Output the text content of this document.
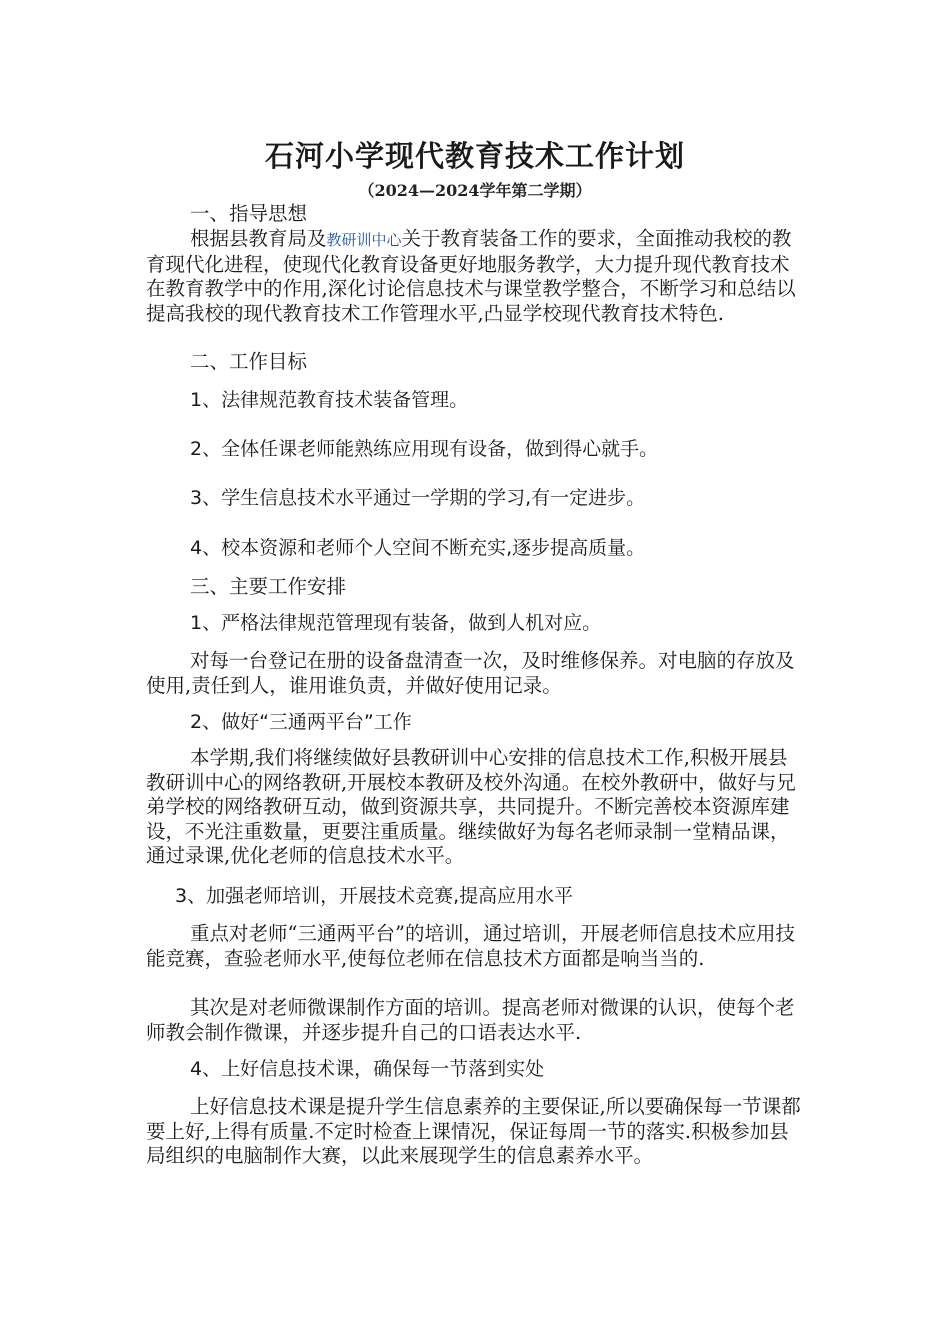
石河小学现代教育技术工作计划
（2024—2024学年第二学期）
一、指导思想
根据县教育局及教研训中心关于教育装备工作的要求，全面推动我校的教育现代化进程，使现代化教育设备更好地服务教学，大力提升现代教育技术在教育教学中的作用,深化讨论信息技术与课堂教学整合，不断学习和总结以提高我校的现代教育技术工作管理水平,凸显学校现代教育技术特色.
二、工作目标
1、法律规范教育技术装备管理。
2、全体任课老师能熟练应用现有设备，做到得心就手。
3、学生信息技术水平通过一学期的学习,有一定进步。
4、校本资源和老师个人空间不断充实,逐步提高质量。
三、主要工作安排
1、严格法律规范管理现有装备，做到人机对应。
对每一台登记在册的设备盘清查一次，及时维修保养。对电脑的存放及使用,责任到人，谁用谁负责，并做好使用记录。
2、做好“三通两平台”工作
本学期,我们将继续做好县教研训中心安排的信息技术工作,积极开展县教研训中心的网络教研,开展校本教研及校外沟通。在校外教研中，做好与兄弟学校的网络教研互动，做到资源共享，共同提升。不断完善校本资源库建设，不光注重数量，更要注重质量。继续做好为每名老师录制一堂精品课，通过录课,优化老师的信息技术水平。
3、加强老师培训，开展技术竞赛,提高应用水平
重点对老师“三通两平台”的培训，通过培训，开展老师信息技术应用技能竞赛，查验老师水平,使每位老师在信息技术方面都是响当当的.
其次是对老师微课制作方面的培训。提高老师对微课的认识，使每个老师教会制作微课，并逐步提升自己的口语表达水平.
4、上好信息技术课，确保每一节落到实处
上好信息技术课是提升学生信息素养的主要保证,所以要确保每一节课都要上好,上得有质量.不定时检查上课情况，保证每周一节的落实.积极参加县局组织的电脑制作大赛，以此来展现学生的信息素养水平。
